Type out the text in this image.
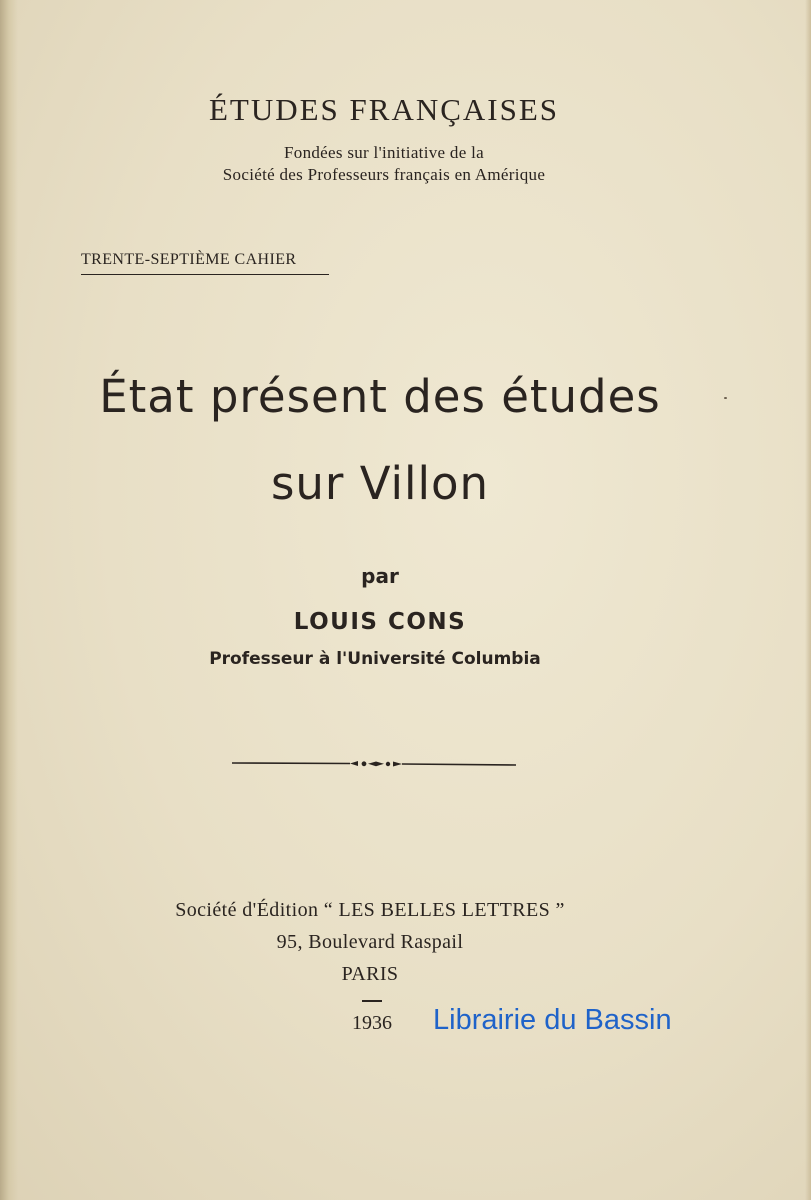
ÉTUDES FRANÇAISES
Fondées sur l'initiative de la
Société des Professeurs français en Amérique
TRENTE-SEPTIÈME CAHIER
État présent des études
sur Villon
par
LOUIS CONS
Professeur à l'Université Columbia
Société d'Édition “ LES BELLES LETTRES ”
95, Boulevard Raspail
PARIS
1936 Librairie du Bassin
